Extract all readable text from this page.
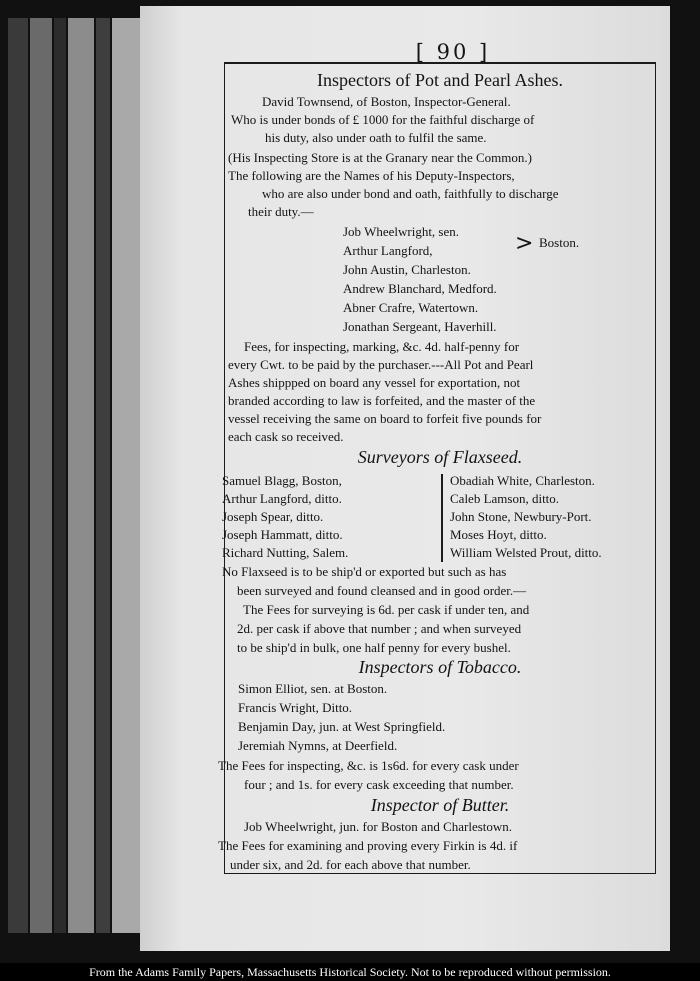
[ 90 ]
Inspectors of Pot and Pearl Ashes.
David Townsend, of Boston, Inspector-General.
Who is under bonds of £ 1000 for the faithful discharge of
his duty, also under oath to fulfil the same.
(His Inspecting Store is at the Granary near the Common.)
The following are the Names of his Deputy-Inspectors,
who are also under bond and oath, faithfully to discharge
their duty.—
Job Wheelwright, sen.
Arthur Langford,	> Boston.
John Austin, Charleston.
Andrew Blanchard, Medford.
Abner Crafre, Watertown.
Jonathan Sergeant, Haverhill.
Fees, for inspecting, marking, &c. 4d. half-penny for
every Cwt. to be paid by the purchaser.---All Pot and Pearl
Ashes shippped on board any vessel for exportation, not
branded according to law is forfeited, and the master of the
vessel receiving the same on board to forfeit five pounds for
each cask so received.
Surveyors of Flaxseed.
Samuel Blagg, Boston,
Arthur Langford, ditto.
Joseph Spear, ditto.
Joseph Hammatt, ditto.
Richard Nutting, Salem.
Obadiah White, Charleston.
Caleb Lamson, ditto.
John Stone, Newbury-Port.
Moses Hoyt, ditto.
William Welsted Prout, ditto.
No Flaxseed is to be ship'd or exported but such as has
been surveyed and found cleansed and in good order.—
The Fees for surveying is 6d. per cask if under ten, and
2d. per cask if above that number ; and when surveyed
to be ship'd in bulk, one half penny for every bushel.
Inspectors of Tobacco.
Simon Elliot, sen. at Boston.
Francis Wright, Ditto.
Benjamin Day, jun. at West Springfield.
Jeremiah Nymns, at Deerfield.
The Fees for inspecting, &c. is 1s6d. for every cask under
four ; and 1s. for every cask exceeding that number.
Inspector of Butter.
Job Wheelwright, jun. for Boston and Charlestown.
The Fees for examining and proving every Firkin is 4d. if
under six, and 2d. for each above that number.
From the Adams Family Papers, Massachusetts Historical Society. Not to be reproduced without permission.
